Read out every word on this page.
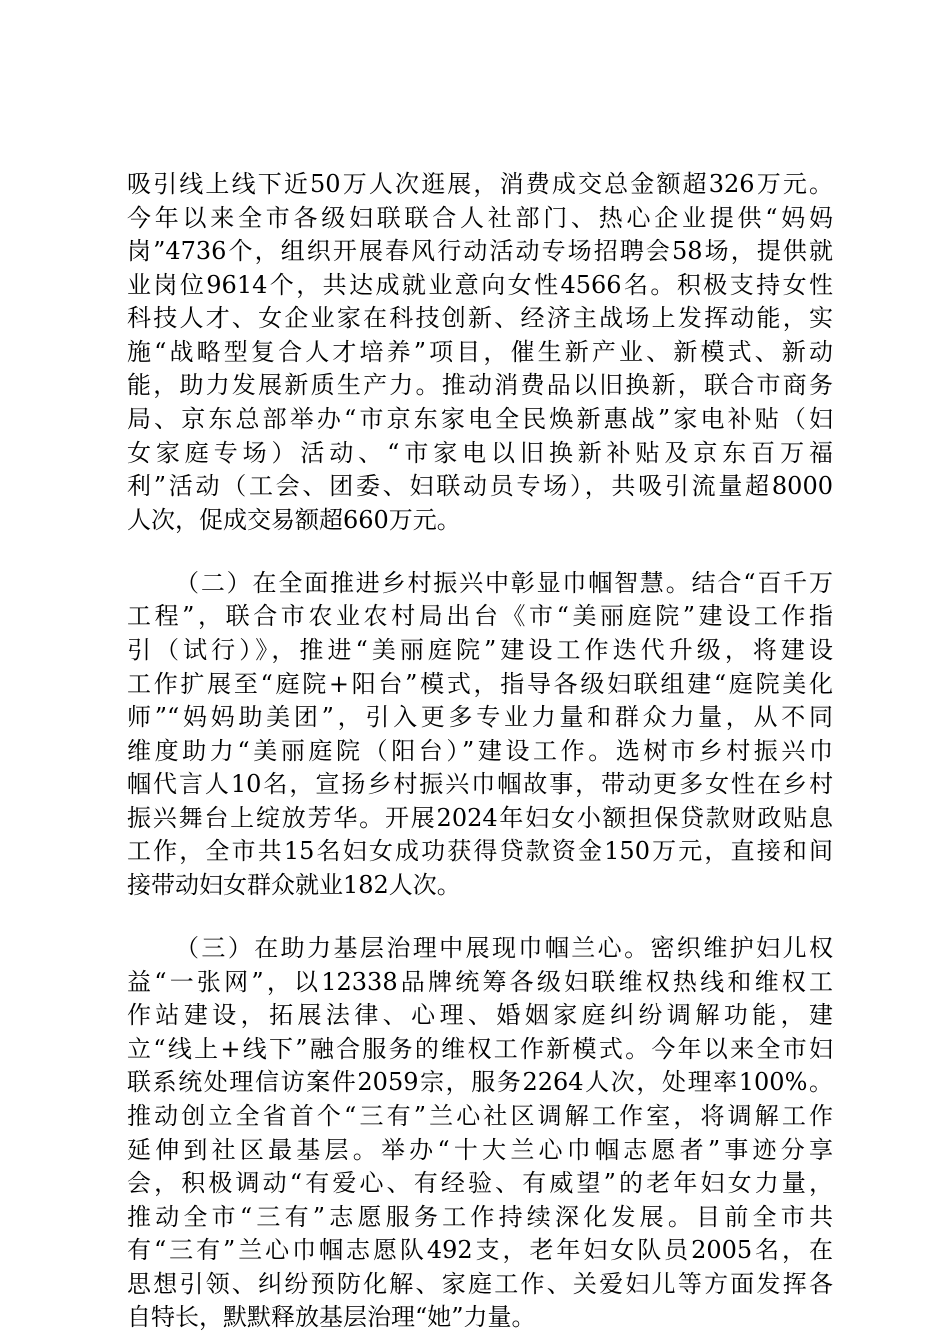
吸引线上线下近50万人次逛展，消费成交总金额超326万元。
今年以来全市各级妇联联合人社部门、热心企业提供“妈妈
岗”4736个，组织开展春风行动活动专场招聘会58场，提供就
业岗位9614个，共达成就业意向女性4566名。积极支持女性
科技人才、女企业家在科技创新、经济主战场上发挥动能，实
施“战略型复合人才培养”项目，催生新产业、新模式、新动
能，助力发展新质生产力。推动消费品以旧换新，联合市商务
局、京东总部举办“市京东家电全民焕新惠战”家电补贴（妇
女家庭专场）活动、“市家电以旧换新补贴及京东百万福
利”活动（工会、团委、妇联动员专场），共吸引流量超8000
人次，促成交易额超660万元。
（二）在全面推进乡村振兴中彰显巾帼智慧。结合“百千万
工程”，联合市农业农村局出台《市“美丽庭院”建设工作指
引（试行）》，推进“美丽庭院”建设工作迭代升级，将建设
工作扩展至“庭院+阳台”模式，指导各级妇联组建“庭院美化
师”“妈妈助美团”，引入更多专业力量和群众力量，从不同
维度助力“美丽庭院（阳台）”建设工作。选树市乡村振兴巾
帼代言人10名，宣扬乡村振兴巾帼故事，带动更多女性在乡村
振兴舞台上绽放芳华。开展2024年妇女小额担保贷款财政贴息
工作，全市共15名妇女成功获得贷款资金150万元，直接和间
接带动妇女群众就业182人次。
（三）在助力基层治理中展现巾帼兰心。密织维护妇儿权
益“一张网”，以12338品牌统筹各级妇联维权热线和维权工
作站建设，拓展法律、心理、婚姻家庭纠纷调解功能，建
立“线上+线下”融合服务的维权工作新模式。今年以来全市妇
联系统处理信访案件2059宗，服务2264人次，处理率100%。
推动创立全省首个“三有”兰心社区调解工作室，将调解工作
延伸到社区最基层。举办“十大兰心巾帼志愿者”事迹分享
会，积极调动“有爱心、有经验、有威望”的老年妇女力量，
推动全市“三有”志愿服务工作持续深化发展。目前全市共
有“三有”兰心巾帼志愿队492支，老年妇女队员2005名，在
思想引领、纠纷预防化解、家庭工作、关爱妇儿等方面发挥各
自特长，默默释放基层治理“她”力量。
